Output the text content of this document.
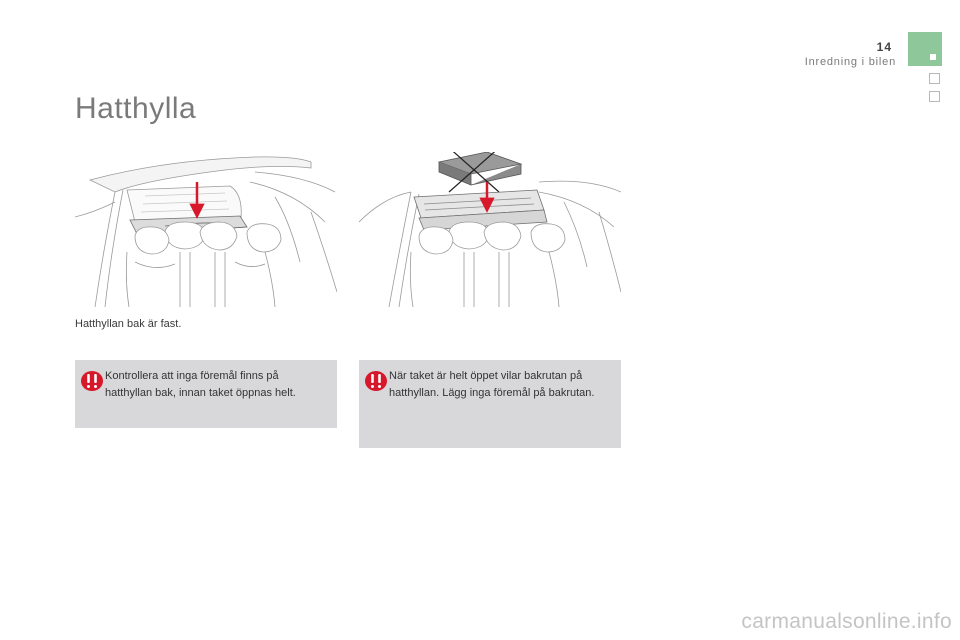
14
Inredning i bilen
Hatthylla
Hatthyllan bak är fast.
Kontrollera att inga föremål finns på hatthyllan bak, innan taket öppnas helt.
När taket är helt öppet vilar bakrutan på hatthyllan. Lägg inga föremål på bakrutan.
carmanualsonline.info
